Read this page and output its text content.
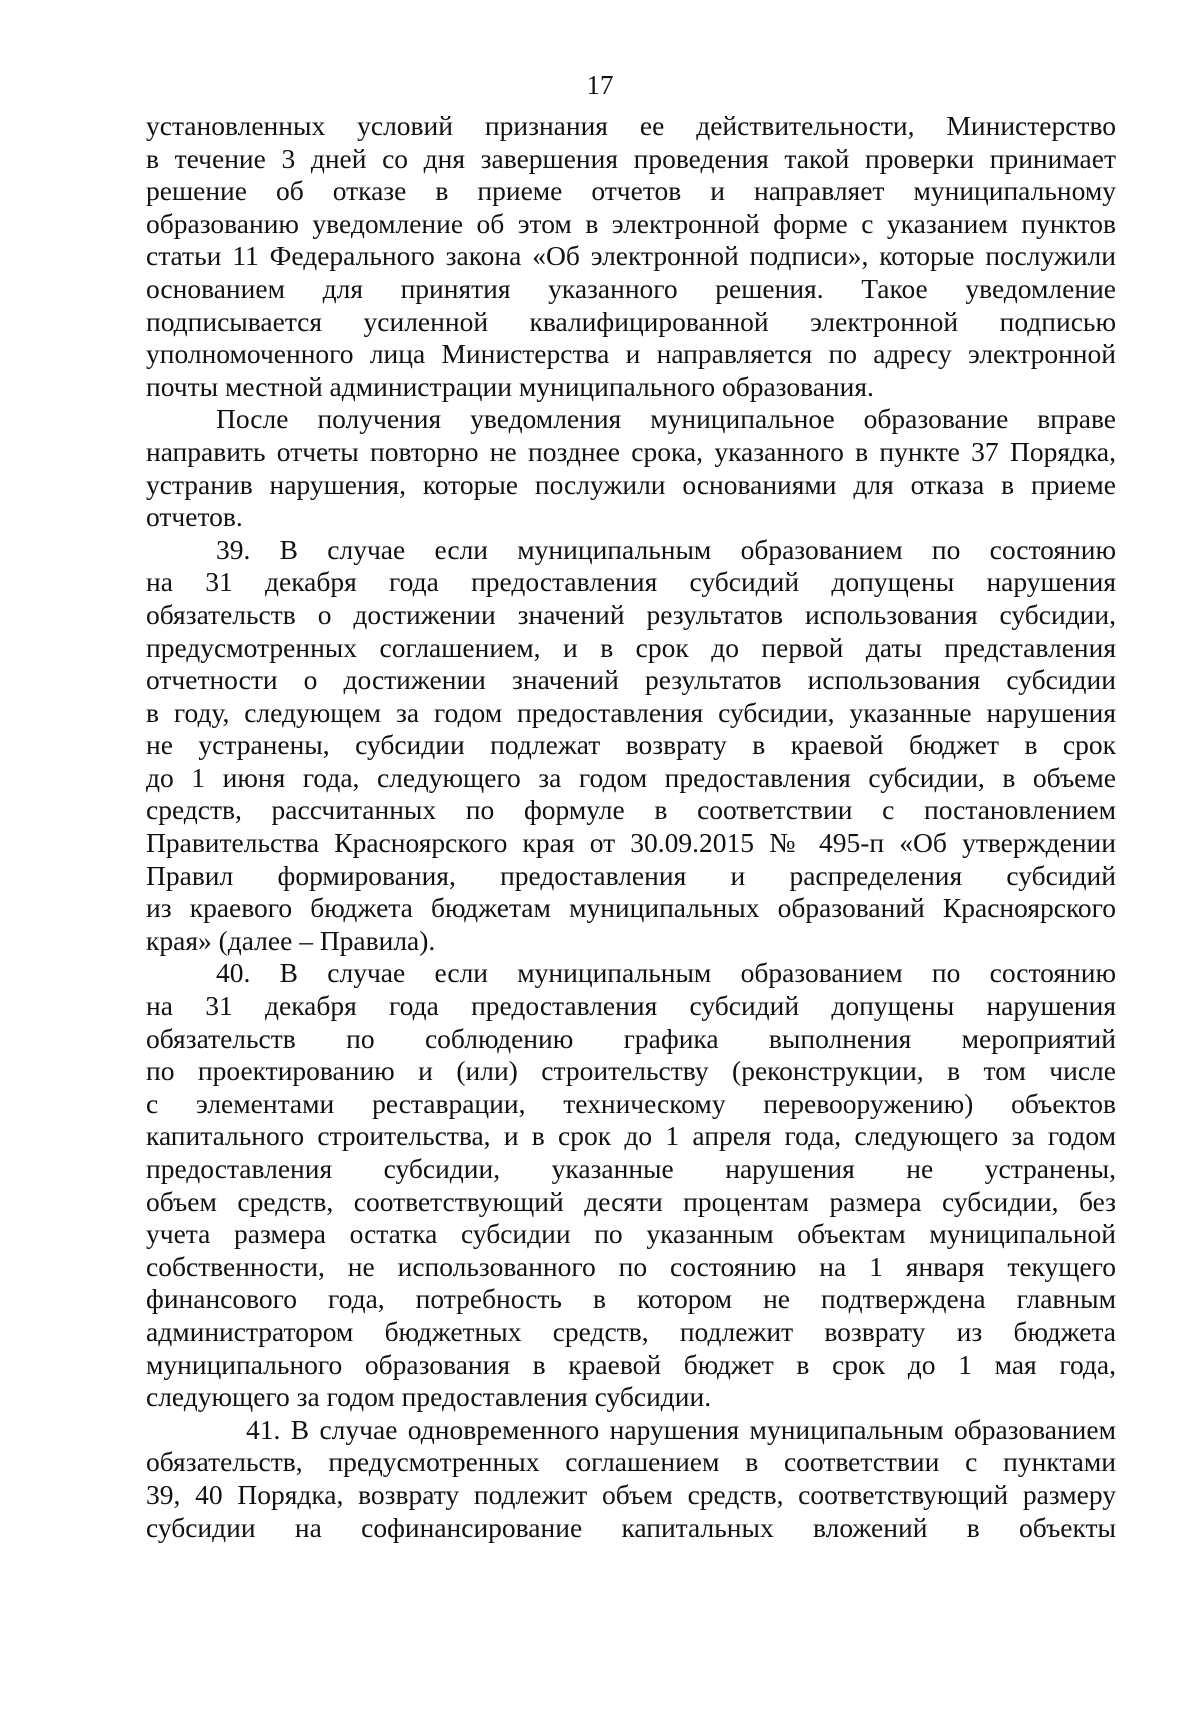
17
установленных условий признания ее действительности, Министерство
в течение 3 дней со дня завершения проведения такой проверки принимает
решение об отказе в приеме отчетов и направляет муниципальному
образованию уведомление об этом в электронной форме с указанием пунктов
статьи 11 Федерального закона «Об электронной подписи», которые послужили
основанием для принятия указанного решения. Такое уведомление
подписывается усиленной квалифицированной электронной подписью
уполномоченного лица Министерства и направляется по адресу электронной
почты местной администрации муниципального образования.
После получения уведомления муниципальное образование вправе
направить отчеты повторно не позднее срока, указанного в пункте 37 Порядка,
устранив нарушения, которые послужили основаниями для отказа в приеме
отчетов.
39. В случае если муниципальным образованием по состоянию
на 31 декабря года предоставления субсидий допущены нарушения
обязательств о достижении значений результатов использования субсидии,
предусмотренных соглашением, и в срок до первой даты представления
отчетности о достижении значений результатов использования субсидии
в году, следующем за годом предоставления субсидии, указанные нарушения
не устранены, субсидии подлежат возврату в краевой бюджет в срок
до 1 июня года, следующего за годом предоставления субсидии, в объеме
средств, рассчитанных по формуле в соответствии с постановлением
Правительства Красноярского края от 30.09.2015 № 495-п «Об утверждении
Правил формирования, предоставления и распределения субсидий
из краевого бюджета бюджетам муниципальных образований Красноярского
края» (далее – Правила).
40. В случае если муниципальным образованием по состоянию
на 31 декабря года предоставления субсидий допущены нарушения
обязательств по соблюдению графика выполнения мероприятий
по проектированию и (или) строительству (реконструкции, в том числе
с элементами реставрации, техническому перевооружению) объектов
капитального строительства, и в срок до 1 апреля года, следующего за годом
предоставления субсидии, указанные нарушения не устранены,
объем средств, соответствующий десяти процентам размера субсидии, без
учета размера остатка субсидии по указанным объектам муниципальной
собственности, не использованного по состоянию на 1 января текущего
финансового года, потребность в котором не подтверждена главным
администратором бюджетных средств, подлежит возврату из бюджета
муниципального образования в краевой бюджет в срок до 1 мая года,
следующего за годом предоставления субсидии.
41. В случае одновременного нарушения муниципальным образованием
обязательств, предусмотренных соглашением в соответствии с пунктами
39, 40 Порядка, возврату подлежит объем средств, соответствующий размеру
субсидии на софинансирование капитальных вложений в объекты
